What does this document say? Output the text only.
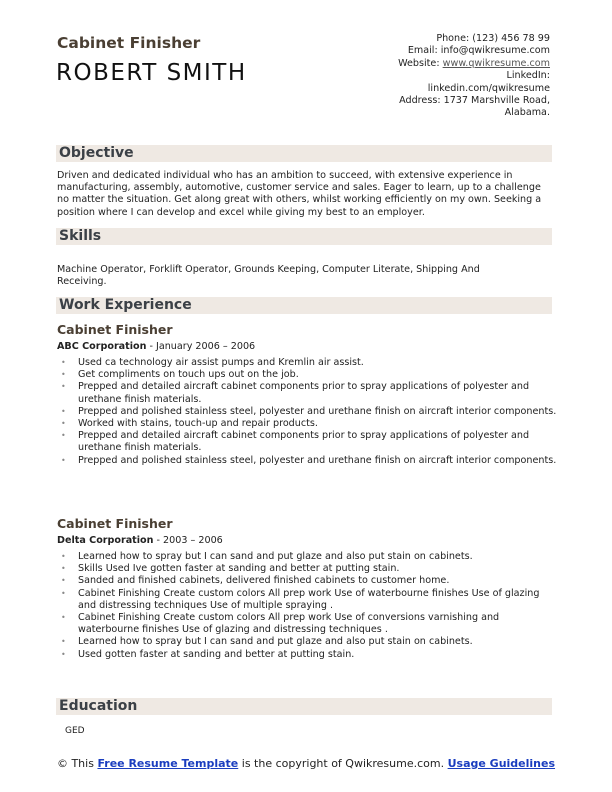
Cabinet Finisher
ROBERT SMITH
Phone: (123) 456 78 99
Email: info@qwikresume.com
Website: www.qwikresume.com
LinkedIn:
linkedin.com/qwikresume
Address: 1737 Marshville Road,
Alabama.
Objective
Driven and dedicated individual who has an ambition to succeed, with extensive experience in manufacturing, assembly, automotive, customer service and sales. Eager to learn, up to a challenge no matter the situation. Get along great with others, whilst working efficiently on my own. Seeking a position where I can develop and excel while giving my best to an employer.
Skills
Machine Operator, Forklift Operator, Grounds Keeping, Computer Literate, Shipping And Receiving.
Work Experience
Cabinet Finisher
ABC Corporation - January 2006 – 2006
• Used ca technology air assist pumps and Kremlin air assist.
• Get compliments on touch ups out on the job.
• Prepped and detailed aircraft cabinet components prior to spray applications of polyester and urethane finish materials.
• Prepped and polished stainless steel, polyester and urethane finish on aircraft interior components.
• Worked with stains, touch-up and repair products.
• Prepped and detailed aircraft cabinet components prior to spray applications of polyester and urethane finish materials.
• Prepped and polished stainless steel, polyester and urethane finish on aircraft interior components.
Cabinet Finisher
Delta Corporation - 2003 – 2006
• Learned how to spray but I can sand and put glaze and also put stain on cabinets.
• Skills Used Ive gotten faster at sanding and better at putting stain.
• Sanded and finished cabinets, delivered finished cabinets to customer home.
• Cabinet Finishing Create custom colors All prep work Use of waterbourne finishes Use of glazing and distressing techniques Use of multiple spraying .
• Cabinet Finishing Create custom colors All prep work Use of conversions varnishing and waterbourne finishes Use of glazing and distressing techniques .
• Learned how to spray but I can sand and put glaze and also put stain on cabinets.
• Used gotten faster at sanding and better at putting stain.
Education
GED
© This Free Resume Template is the copyright of Qwikresume.com. Usage Guidelines
